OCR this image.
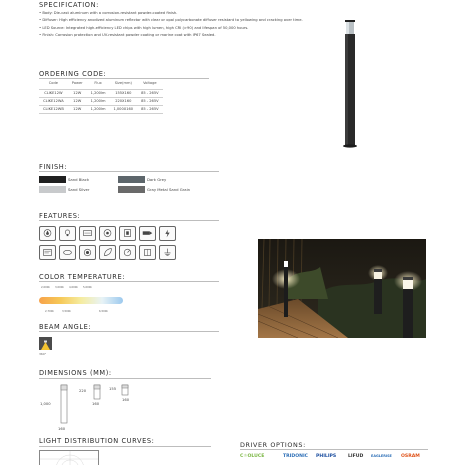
SPECIFICATION:

• Body: Die-cast aluminum with a corrosion-resistant powder-coated finish.

• Diffuser: High efficiency anodized aluminum reflector with clear or opal polycarbonate diffuser resistant to yellowing and cracking over time.

• LED Source: Integrated high-efficiency LED chips with high lumen, high CRI (>90) and lifespan of 50,000 hours.

• Finish: Corrosion protection and UV-resistant powder coating or marine coat with IP67 Sealed.

ORDERING CODE:
Code	Power	Flux	Size(mm)	Voltage
CLIKE12W	12W	1,200lm	155X160	85 - 265V
CLIKE12WA	12W	1,200lm	220X160	85 - 265V
CLIKE12WB	12W	1,200lm	1,000X160	85 - 265V
FINISH:
Sand Black	Dark Grey
Sand Silver	Gray Metal Sand Grain
FEATURES:
COLOR TEMPERATURE:
2,000k 3,000k 4,000k 5,000k
2,700k	3,500k	6,500k
BEAM ANGLE:
360°
DIMENSIONS (MM):
1,000
160
220
160
155
160
LIGHT DISTRIBUTION CURVES:	DRIVER OPTIONS:
C☼OLUCE	TRIDONIC PHILIPS	LIFUD EAGLERISE OSRAM
